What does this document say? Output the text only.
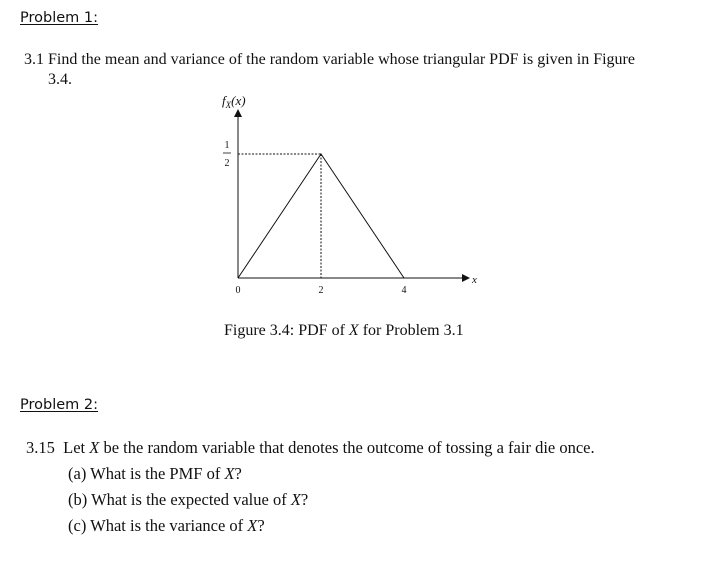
Problem 1:
3.1 Find the mean and variance of the random variable whose triangular PDF is given in Figure
3.4.
$f_X(x)$
x
1
2
0	2	4
Figure 3.4: PDF of X for Problem 3.1
Problem 2:
3.15 Let X be the random variable that denotes the outcome of tossing a fair die once.
(a) What is the PMF of X?
(b) What is the expected value of X?
(c) What is the variance of X?
